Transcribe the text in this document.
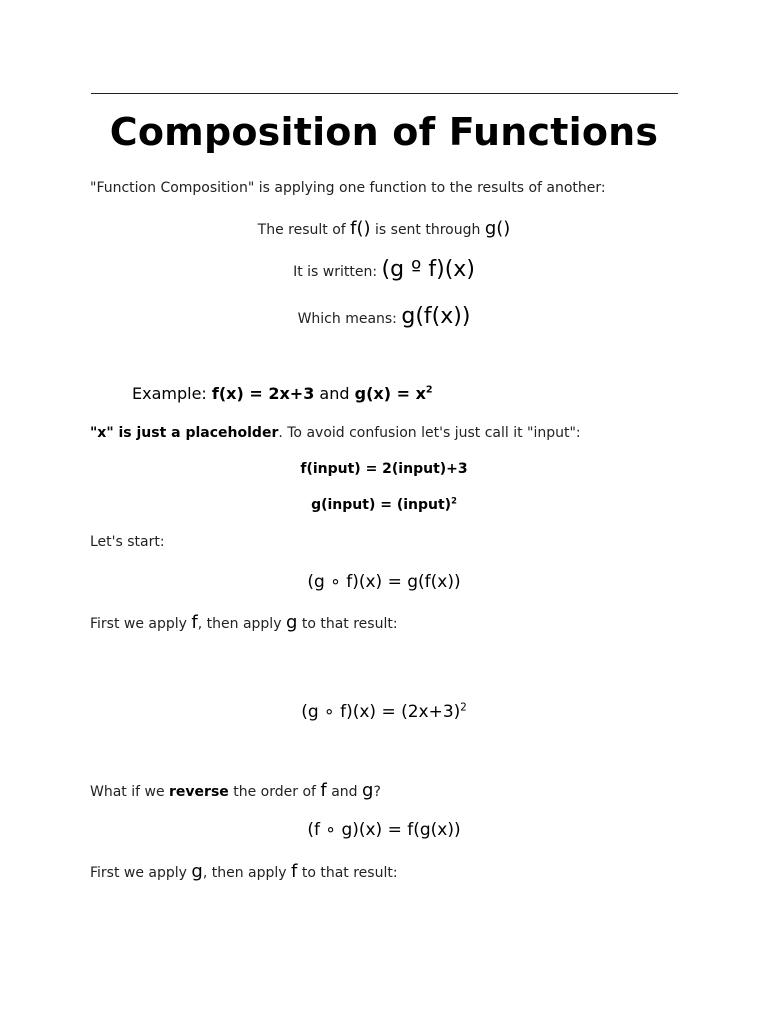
Composition of Functions
"Function Composition" is applying one function to the results of another:
The result of f() is sent through g()
It is written: (g º f)(x)
Which means: g(f(x))
Example: f(x) = 2x+3 and $g(x) = x^2$
"x" is just a placeholder. To avoid confusion let's just call it "input":
f(input) = 2(input)+3
g(input) = (input)$^2$
Let's start:
(g ∘ f)(x) = g(f(x))
First we apply f, then apply g to that result:
(g ∘ $f)(x) = (2x+3)^2$
What if we reverse the order of f and g?
(f ∘ g)(x) = f(g(x))
First we apply g, then apply f to that result:
